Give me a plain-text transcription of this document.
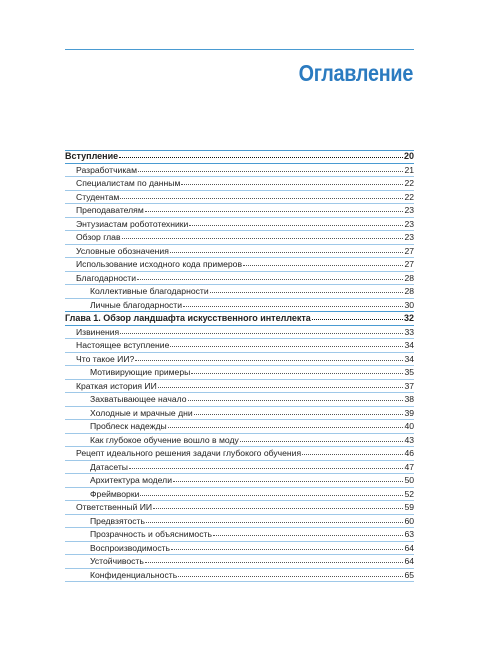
Оглавление
Вступление	20
Разработчикам	21
Специалистам по данным	22
Студентам	22
Преподавателям	23
Энтузиастам робототехники	23
Обзор глав	23
Условные обозначения	27
Использование исходного кода примеров	27
Благодарности	28
Коллективные благодарности	28
Личные благодарности	30
Глава 1. Обзор ландшафта искусственного интеллекта	32
Извинения	33
Настоящее вступление	34
Что такое ИИ?	34
Мотивирующие примеры	35
Краткая история ИИ	37
Захватывающее начало	38
Холодные и мрачные дни	39
Проблеск надежды	40
Как глубокое обучение вошло в моду	43
Рецепт идеального решения задачи глубокого обучения	46
Датасеты	47
Архитектура модели	50
Фреймворки	52
Ответственный ИИ	59
Предвзятость	60
Прозрачность и объяснимость	63
Воспроизводимость	64
Устойчивость	64
Конфиденциальность	65
